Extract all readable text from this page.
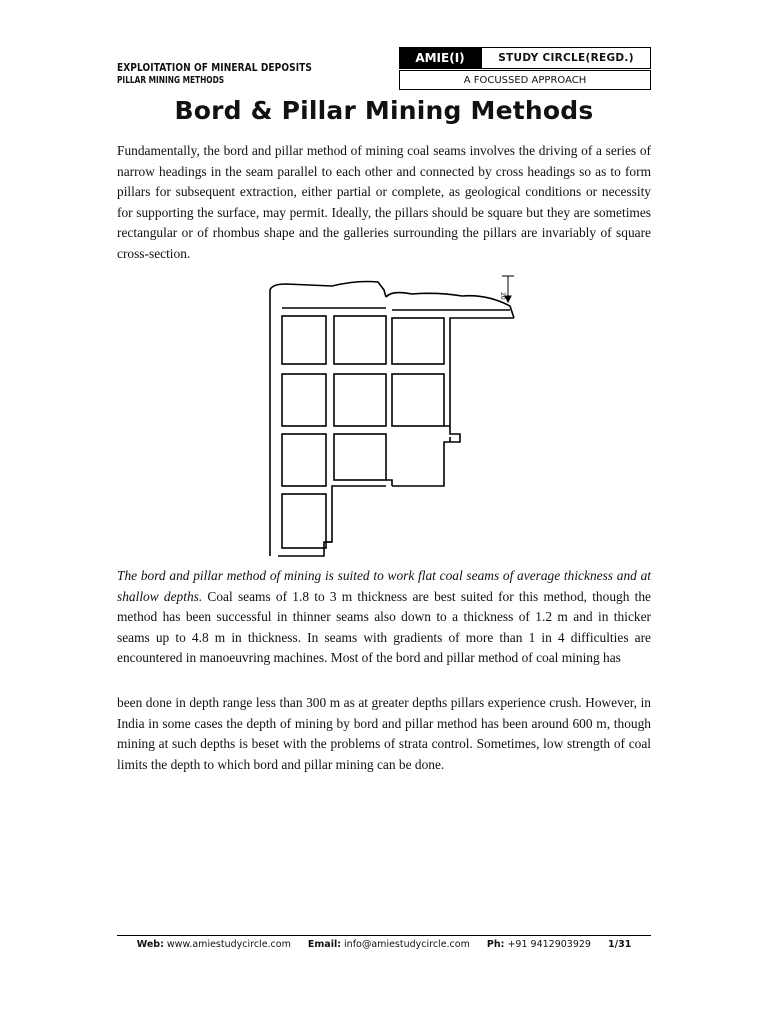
EXPLOITATION OF MINERAL DEPOSITS
PILLAR MINING METHODS
AMIE(I)	STUDY CIRCLE(REGD.)
A FOCUSSED APPROACH
Bord & Pillar Mining Methods

Fundamentally, the bord and pillar method of mining coal seams involves the driving of a series of narrow headings in the seam parallel to each other and connected by cross headings so as to form pillars for subsequent extraction, either partial or complete, as geological conditions or necessity for supporting the surface, may permit. Ideally, the pillars should be square but they are sometimes rectangular or of rhombus shape and the galleries surrounding the pillars are invariably of square cross-section.

20

The bord and pillar method of mining is suited to work flat coal seams of average thickness and at shallow depths. Coal seams of 1.8 to 3 m thickness are best suited for this method, though the method has been successful in thinner seams also down to a thickness of 1.2 m and in thicker seams up to 4.8 m in thickness. In seams with gradients of more than 1 in 4 difficulties are encountered in manoeuvring machines. Most of the bord and pillar method of coal mining has

been done in depth range less than 300 m as at greater depths pillars experience crush. However, in India in some cases the depth of mining by bord and pillar method has been around 600 m, though mining at such depths is beset with the problems of strata control. Sometimes, low strength of coal limits the depth to which bord and pillar mining can be done.

Web: www.amiestudycircle.com Email: info@amiestudycircle.com Ph: +91 9412903929 1/31
